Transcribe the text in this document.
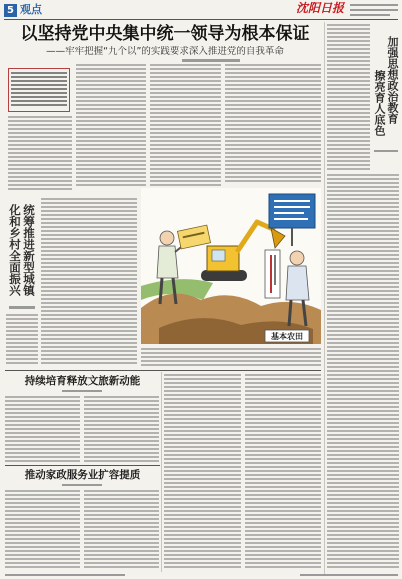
5 观点	沈阳日报
以坚持党中央集中统一领导为根本保证
——牢牢把握“九个以”的实践要求深入推进党的自我革命	加强思想政治教育
擦亮育人底色
统筹推进新型城镇化和乡村全面振兴
基本农田
持续培育释放文旅新动能
推动家政服务业扩容提质
